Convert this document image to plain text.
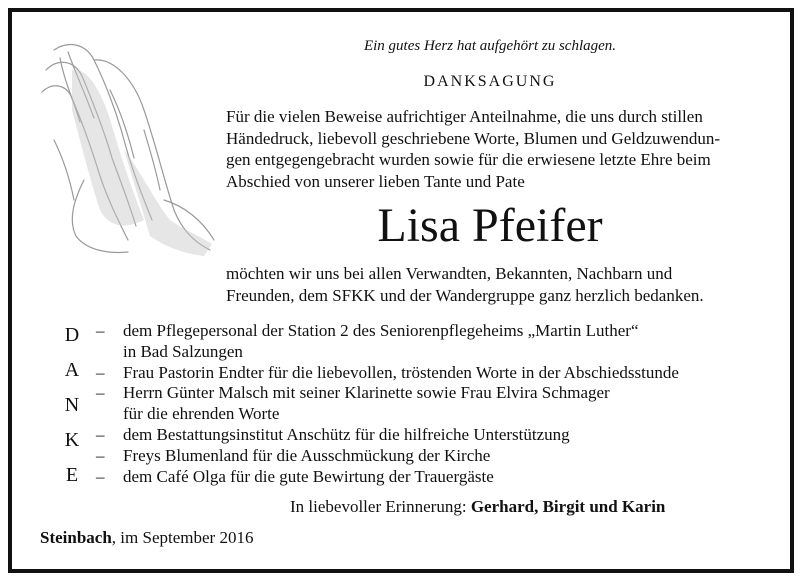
Ein gutes Herz hat aufgehört zu schlagen.
DANKSAGUNG
Für die vielen Beweise aufrichtiger Anteilnahme, die uns durch stillen
Händedruck, liebevoll geschriebene Worte, Blumen und Geldzuwendun-
gen entgegengebracht wurden sowie für die erwiesene letzte Ehre beim
Abschied von unserer lieben Tante und Pate
Lisa Pfeifer
möchten wir uns bei allen Verwandten, Bekannten, Nachbarn und
Freunden, dem SFKK und der Wandergruppe ganz herzlich bedanken.
D
A
N
K
E
–	dem Pflegepersonal der Station 2 des Seniorenpflegeheims „Martin Luther“
in Bad Salzungen
–	Frau Pastorin Endter für die liebevollen, tröstenden Worte in der Abschiedsstunde
–	Herrn Günter Malsch mit seiner Klarinette sowie Frau Elvira Schmager
für die ehrenden Worte
–	dem Bestattungsinstitut Anschütz für die hilfreiche Unterstützung
–	Freys Blumenland für die Ausschmückung der Kirche
–	dem Café Olga für die gute Bewirtung der Trauergäste
In liebevoller Erinnerung: Gerhard, Birgit und Karin
Steinbach, im September 2016
